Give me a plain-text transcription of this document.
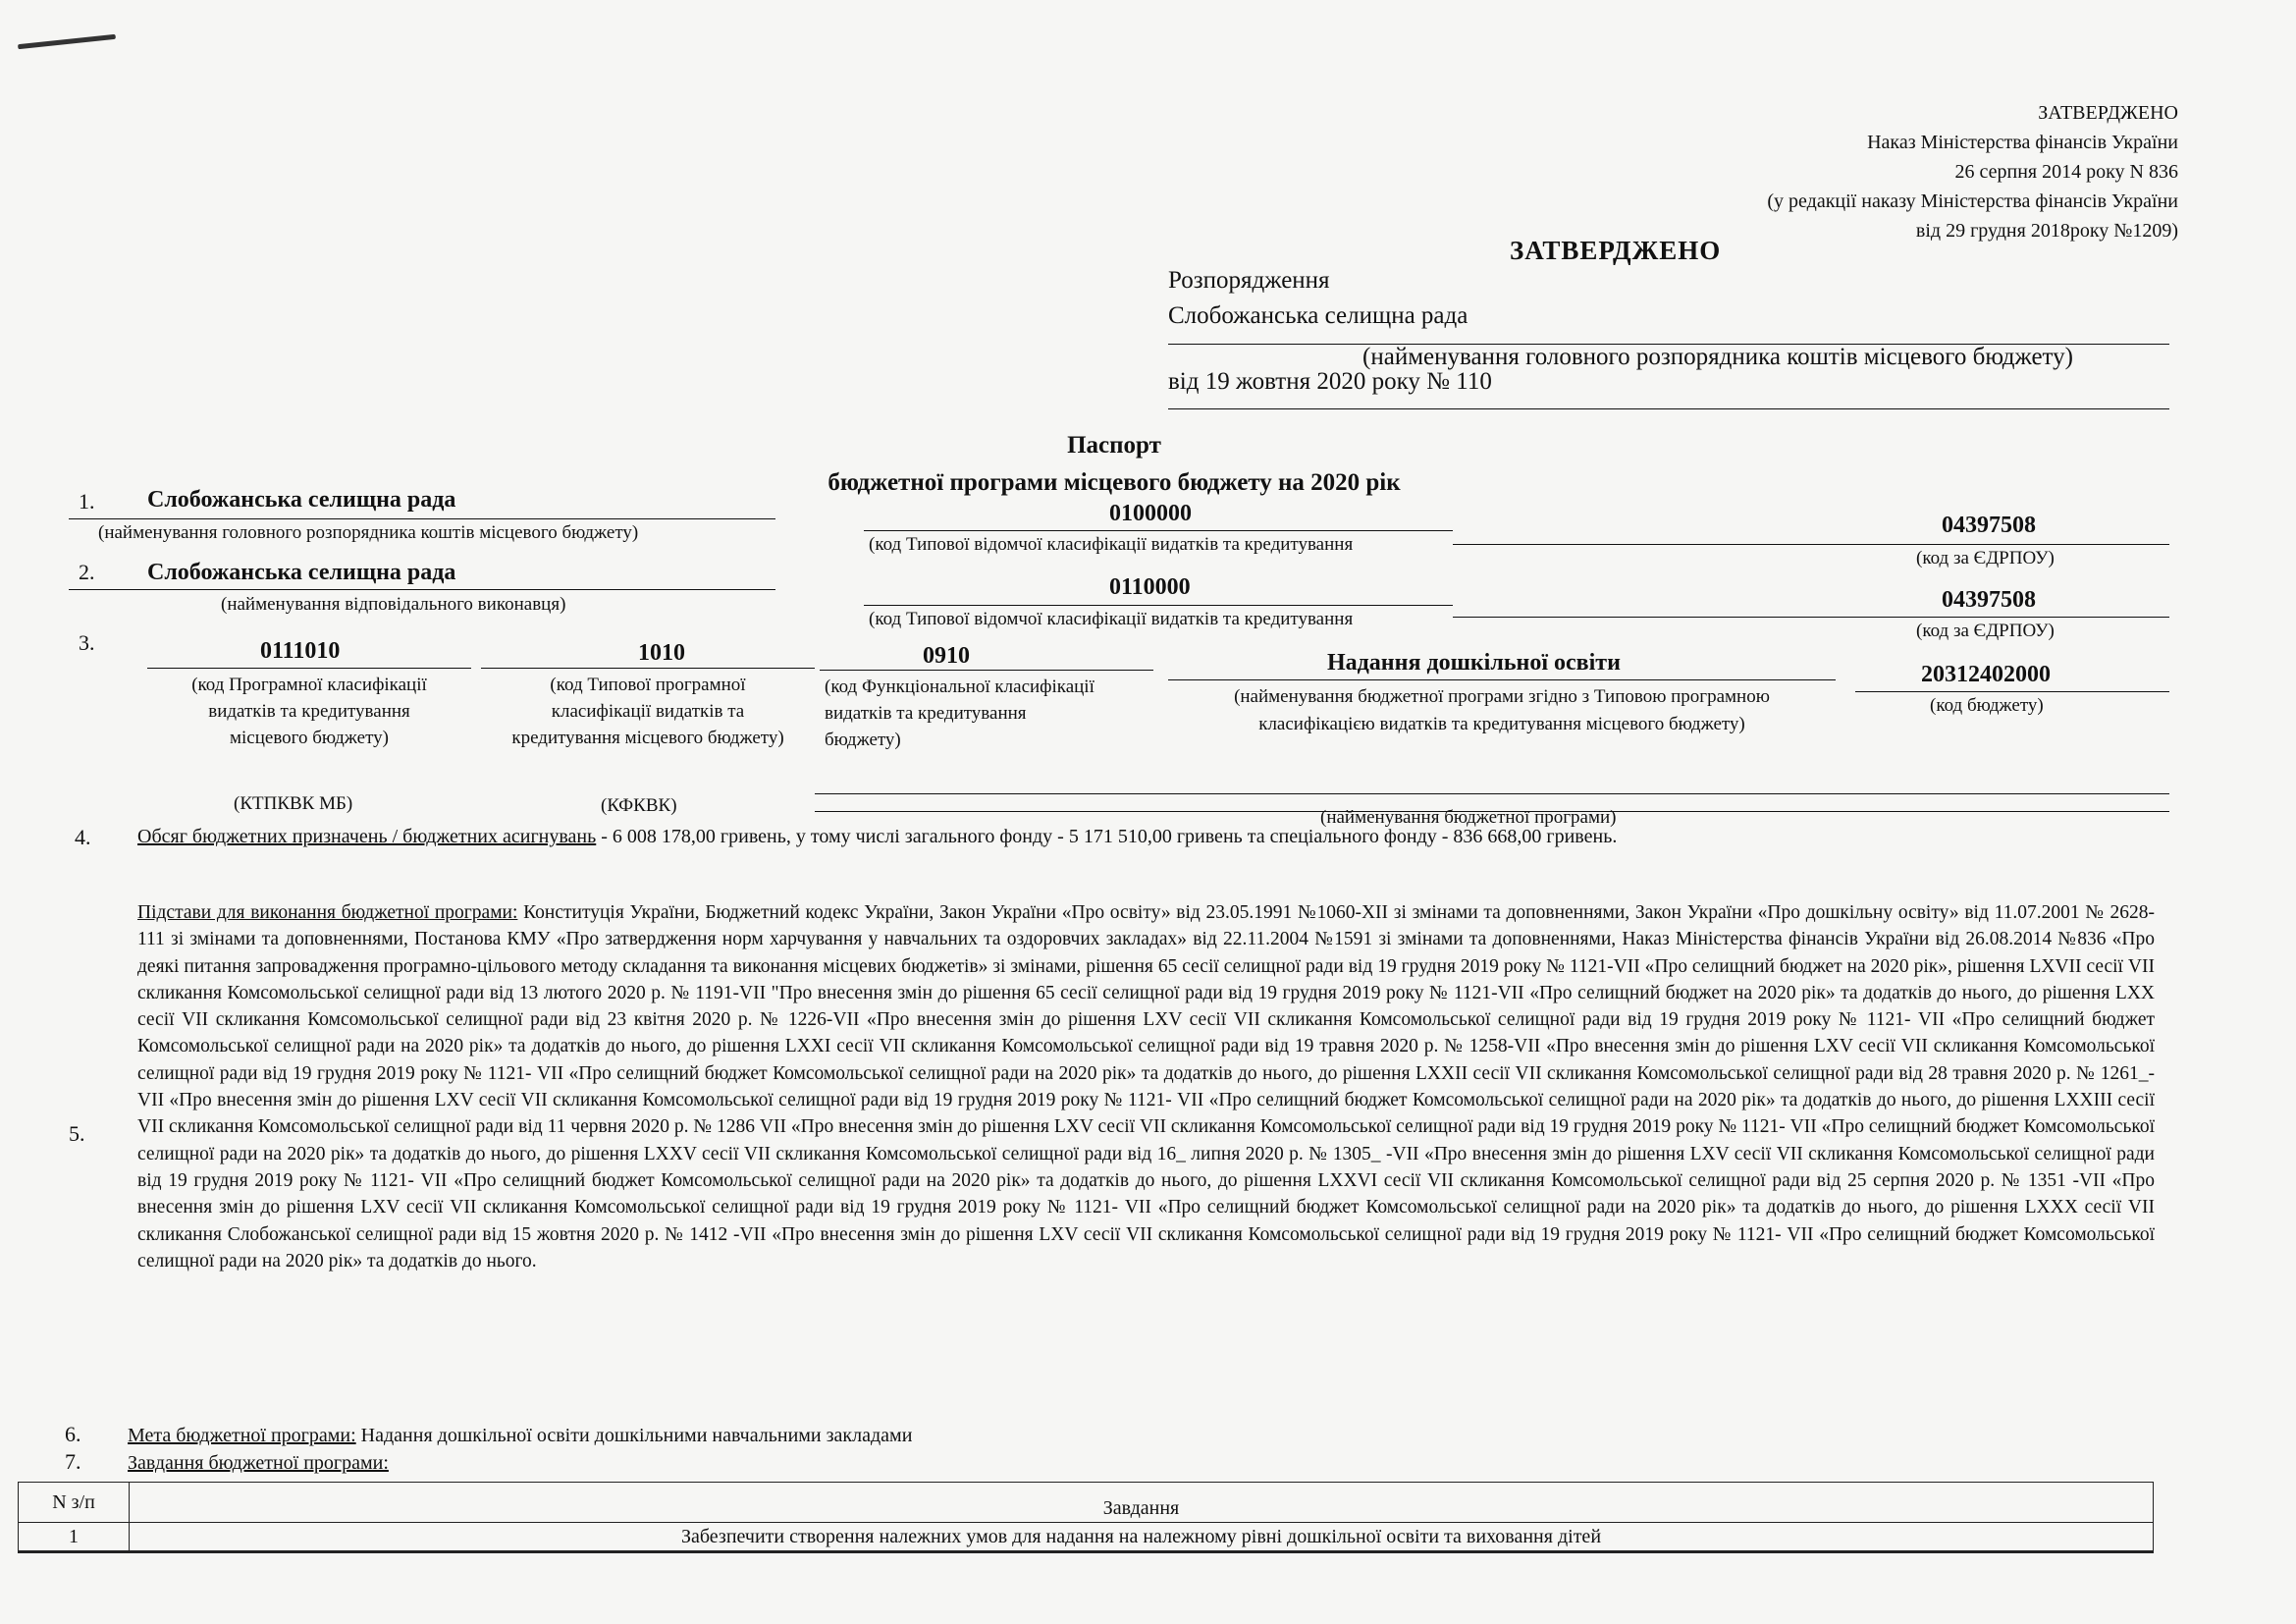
ЗАТВЕРДЖЕНО
Наказ Міністерства фінансів України
26 серпня 2014 року N 836
(у редакції наказу Міністерства фінансів України
від 29 грудня 2018року №1209)
ЗАТВЕРДЖЕНО
Розпорядження
Слобожанська селищна рада
(найменування головного розпорядника коштів місцевого бюджету)
від 19 жовтня 2020 року № 110
Паспорт
бюджетної програми місцевого бюджету на 2020 рік
1. Слобожанська селищна рада
(найменування головного розпорядника коштів місцевого бюджету)
0100000
(код Типової відомчої класифікації видатків та кредитування
04397508
(код за ЄДРПОУ)
2. Слобожанська селищна рада
(найменування відповідального виконавця)
0110000
(код Типової відомчої класифікації видатків та кредитування
04397508
(код за ЄДРПОУ)
3.	0111010
(код Програмної класифікації
видатків та кредитування
місцевого бюджету)
(КТПКВК МБ)
1010
(код Типової програмної
класифікації видатків та
кредитування місцевого бюджету)
(КФКВК)
0910
(код Функціональної класифікації
видатків та кредитування
бюджету)
Надання дошкільної освіти
(найменування бюджетної програми згідно з Типовою програмною
класифікацією видатків та кредитування місцевого бюджету)
20312402000
(код бюджету)
(найменування бюджетної програми)
4. Обсяг бюджетних призначень / бюджетних асигнувань - 6 008 178,00 гривень, у тому числі загального фонду - 5 171 510,00 гривень та спеціального фонду - 836 668,00 гривень.
5.
Підстави для виконання бюджетної програми: Конституція України, Бюджетний кодекс України, Закон України «Про освіту» від 23.05.1991 №1060-ХІІ зі змінами та доповненнями, Закон України «Про дошкільну освіту» від 11.07.2001 № 2628-111 зі змінами та доповненнями, Постанова КМУ «Про затвердження норм харчування у навчальних та оздоровчих закладах» від 22.11.2004 №1591 зі змінами та доповненнями, Наказ Міністерства фінансів України від 26.08.2014 №836 «Про деякі питання запровадження програмно-цільового методу складання та виконання місцевих бюджетів» зі змінами, рішення 65 сесії селищної ради від 19 грудня 2019 року № 1121-VII «Про селищний бюджет на 2020 рік», рішення LXVII сесії VII скликання Комсомольської селищної ради від 13 лютого 2020 р. № 1191-VII "Про внесення змін до рішення 65 сесії селищної ради від 19 грудня 2019 року № 1121-VII «Про селищний бюджет на 2020 рік» та додатків до нього, до рішення LXX сесії VII скликання Комсомольської селищної ради від 23 квітня 2020 р. № 1226-VII «Про внесення змін до рішення LXV сесії VII скликання Комсомольської селищної ради від 19 грудня 2019 року № 1121- VII «Про селищний бюджет Комсомольської селищної ради на 2020 рік» та додатків до нього, до рішення LXXI сесії VII скликання Комсомольської селищної ради від 19 травня 2020 р. № 1258-VII «Про внесення змін до рішення LXV сесії VII скликання Комсомольської селищної ради від 19 грудня 2019 року № 1121- VII «Про селищний бюджет Комсомольської селищної ради на 2020 рік» та додатків до нього, до рішення LXXII сесії VII скликання Комсомольської селищної ради від 28 травня 2020 р. № 1261_-VII «Про внесення змін до рішення LXV сесії VII скликання Комсомольської селищної ради від 19 грудня 2019 року № 1121- VII «Про селищний бюджет Комсомольської селищної ради на 2020 рік» та додатків до нього, до рішення LXXIII сесії VII скликання Комсомольської селищної ради від 11 червня 2020 р. № 1286 VII «Про внесення змін до рішення LXV сесії VII скликання Комсомольської селищної ради від 19 грудня 2019 року № 1121- VII «Про селищний бюджет Комсомольської селищної ради на 2020 рік» та додатків до нього, до рішення LXXV сесії VII скликання Комсомольської селищної ради від 16_ липня 2020 р. № 1305_ -VII «Про внесення змін до рішення LXV сесії VII скликання Комсомольської селищної ради від 19 грудня 2019 року № 1121- VII «Про селищний бюджет Комсомольської селищної ради на 2020 рік» та додатків до нього, до рішення LXXVI сесії VII скликання Комсомольської селищної ради від 25 серпня 2020 р. № 1351 -VII «Про внесення змін до рішення LXV сесії VII скликання Комсомольської селищної ради від 19 грудня 2019 року № 1121- VII «Про селищний бюджет Комсомольської селищної ради на 2020 рік» та додатків до нього, до рішення LXXX сесії VII скликання Слобожанської селищної ради від 15 жовтня 2020 р. № 1412 -VII «Про внесення змін до рішення LXV сесії VII скликання Комсомольської селищної ради від 19 грудня 2019 року № 1121- VII «Про селищний бюджет Комсомольської селищної ради на 2020 рік» та додатків до нього.
6. Мета бюджетної програми: Надання дошкільної освіти дошкільними навчальними закладами
7. Завдання бюджетної програми:
N з/п	Завдання
1	Забезпечити створення належних умов для надання на належному рівні дошкільної освіти та виховання дітей
